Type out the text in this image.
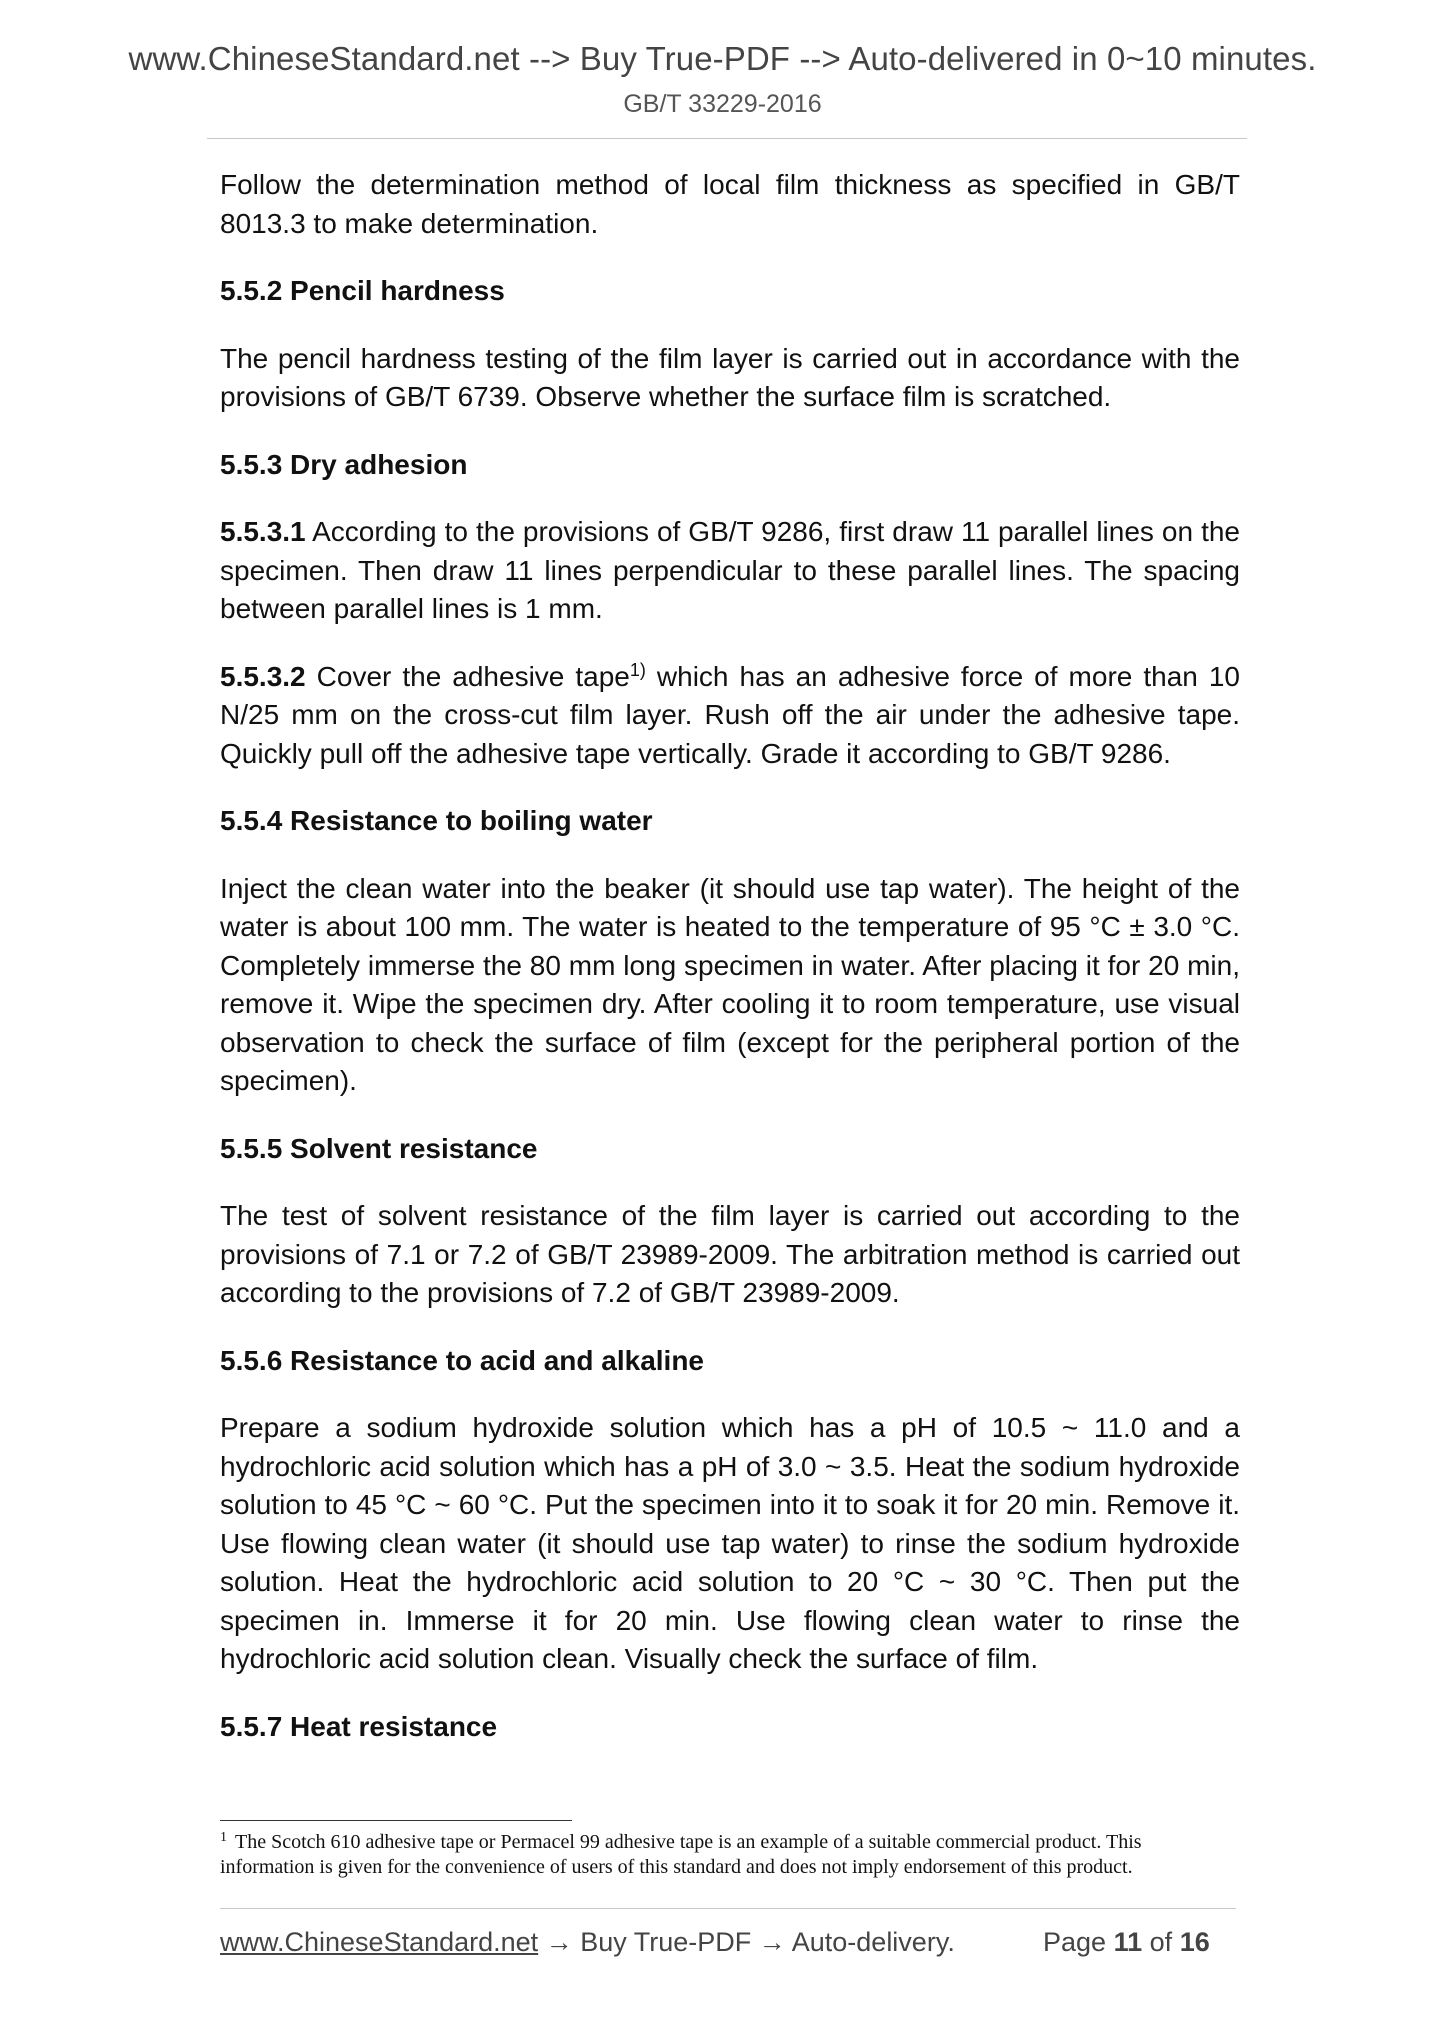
www.ChineseStandard.net --> Buy True-PDF --> Auto-delivered in 0~10 minutes.
GB/T 33229-2016

Follow the determination method of local film thickness as specified in GB/T 8013.3 to make determination.

5.5.2 Pencil hardness

The pencil hardness testing of the film layer is carried out in accordance with the provisions of GB/T 6739. Observe whether the surface film is scratched.

5.5.3 Dry adhesion

5.5.3.1 According to the provisions of GB/T 9286, first draw 11 parallel lines on the specimen. Then draw 11 lines perpendicular to these parallel lines. The spacing between parallel lines is 1 mm.

5.5.3.2 Cover the adhesive tape$^{1)}$ which has an adhesive force of more than 10 N/25 mm on the cross-cut film layer. Rush off the air under the adhesive tape. Quickly pull off the adhesive tape vertically. Grade it according to GB/T 9286.

5.5.4 Resistance to boiling water

Inject the clean water into the beaker (it should use tap water). The height of the water is about 100 mm. The water is heated to the temperature of 95 °C ± 3.0 °C. Completely immerse the 80 mm long specimen in water. After placing it for 20 min, remove it. Wipe the specimen dry. After cooling it to room temperature, use visual observation to check the surface of film (except for the peripheral portion of the specimen).

5.5.5 Solvent resistance

The test of solvent resistance of the film layer is carried out according to the provisions of 7.1 or 7.2 of GB/T 23989-2009. The arbitration method is carried out according to the provisions of 7.2 of GB/T 23989-2009.

5.5.6 Resistance to acid and alkaline

Prepare a sodium hydroxide solution which has a pH of 10.5 ~ 11.0 and a hydrochloric acid solution which has a pH of 3.0 ~ 3.5. Heat the sodium hydroxide solution to 45 °C ~ 60 °C. Put the specimen into it to soak it for 20 min. Remove it. Use flowing clean water (it should use tap water) to rinse the sodium hydroxide solution. Heat the hydrochloric acid solution to 20 °C ~ 30 °C. Then put the specimen in. Immerse it for 20 min. Use flowing clean water to rinse the hydrochloric acid solution clean. Visually check the surface of film.

5.5.7 Heat resistance
$^1$ The Scotch 610 adhesive tape or Permacel 99 adhesive tape is an example of a suitable commercial product. This information is given for the convenience of users of this standard and does not imply endorsement of this product.
www.ChineseStandard.net → Buy True-PDF → Auto-delivery.	Page 11 of 16
